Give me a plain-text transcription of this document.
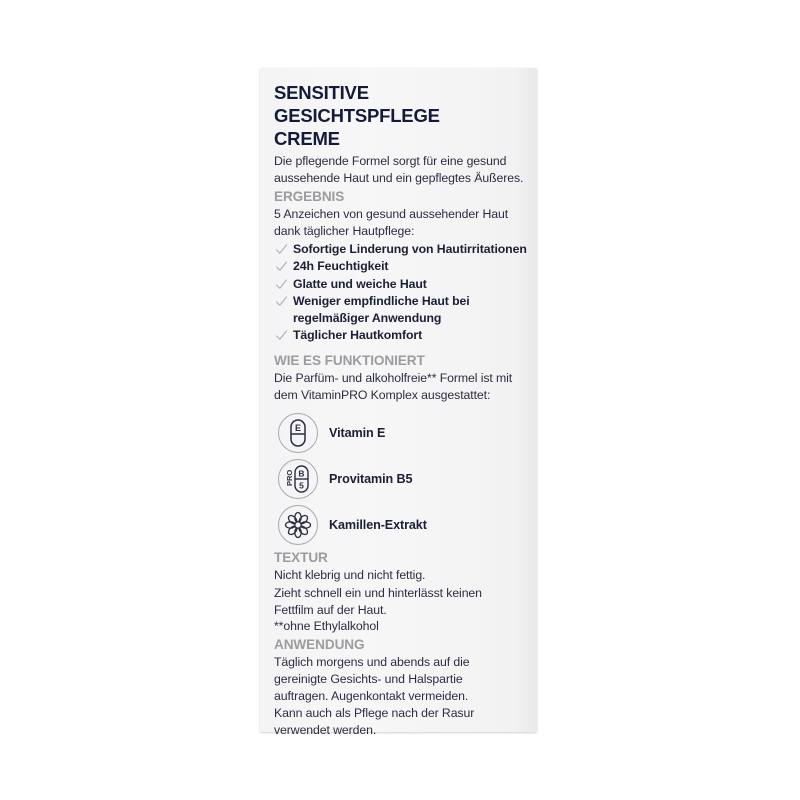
SENSITIVE GESICHTSPFLEGE
CREME
Die pflegende Formel sorgt für eine gesund
aussehende Haut und ein gepflegtes Äußeres.
ERGEBNIS
5 Anzeichen von gesund aussehender Haut
dank täglicher Hautpflege:
Sofortige Linderung von Hautirritationen
24h Feuchtigkeit
Glatte und weiche Haut
Weniger empfindliche Haut bei
regelmäßiger Anwendung
Täglicher Hautkomfort
WIE ES FUNKTIONIERT
Die Parfüm- und alkoholfreie** Formel ist mit
dem VitaminPRO Komplex ausgestattet:
E Vitamin E
PRO B
5 Provitamin B5
Kamillen-Extrakt
TEXTUR
Nicht klebrig und nicht fettig.
Zieht schnell ein und hinterlässt keinen
Fettfilm auf der Haut.
**ohne Ethylalkohol
ANWENDUNG
Täglich morgens und abends auf die
gereinigte Gesichts- und Halspartie
auftragen. Augenkontakt vermeiden.
Kann auch als Pflege nach der Rasur
verwendet werden.
